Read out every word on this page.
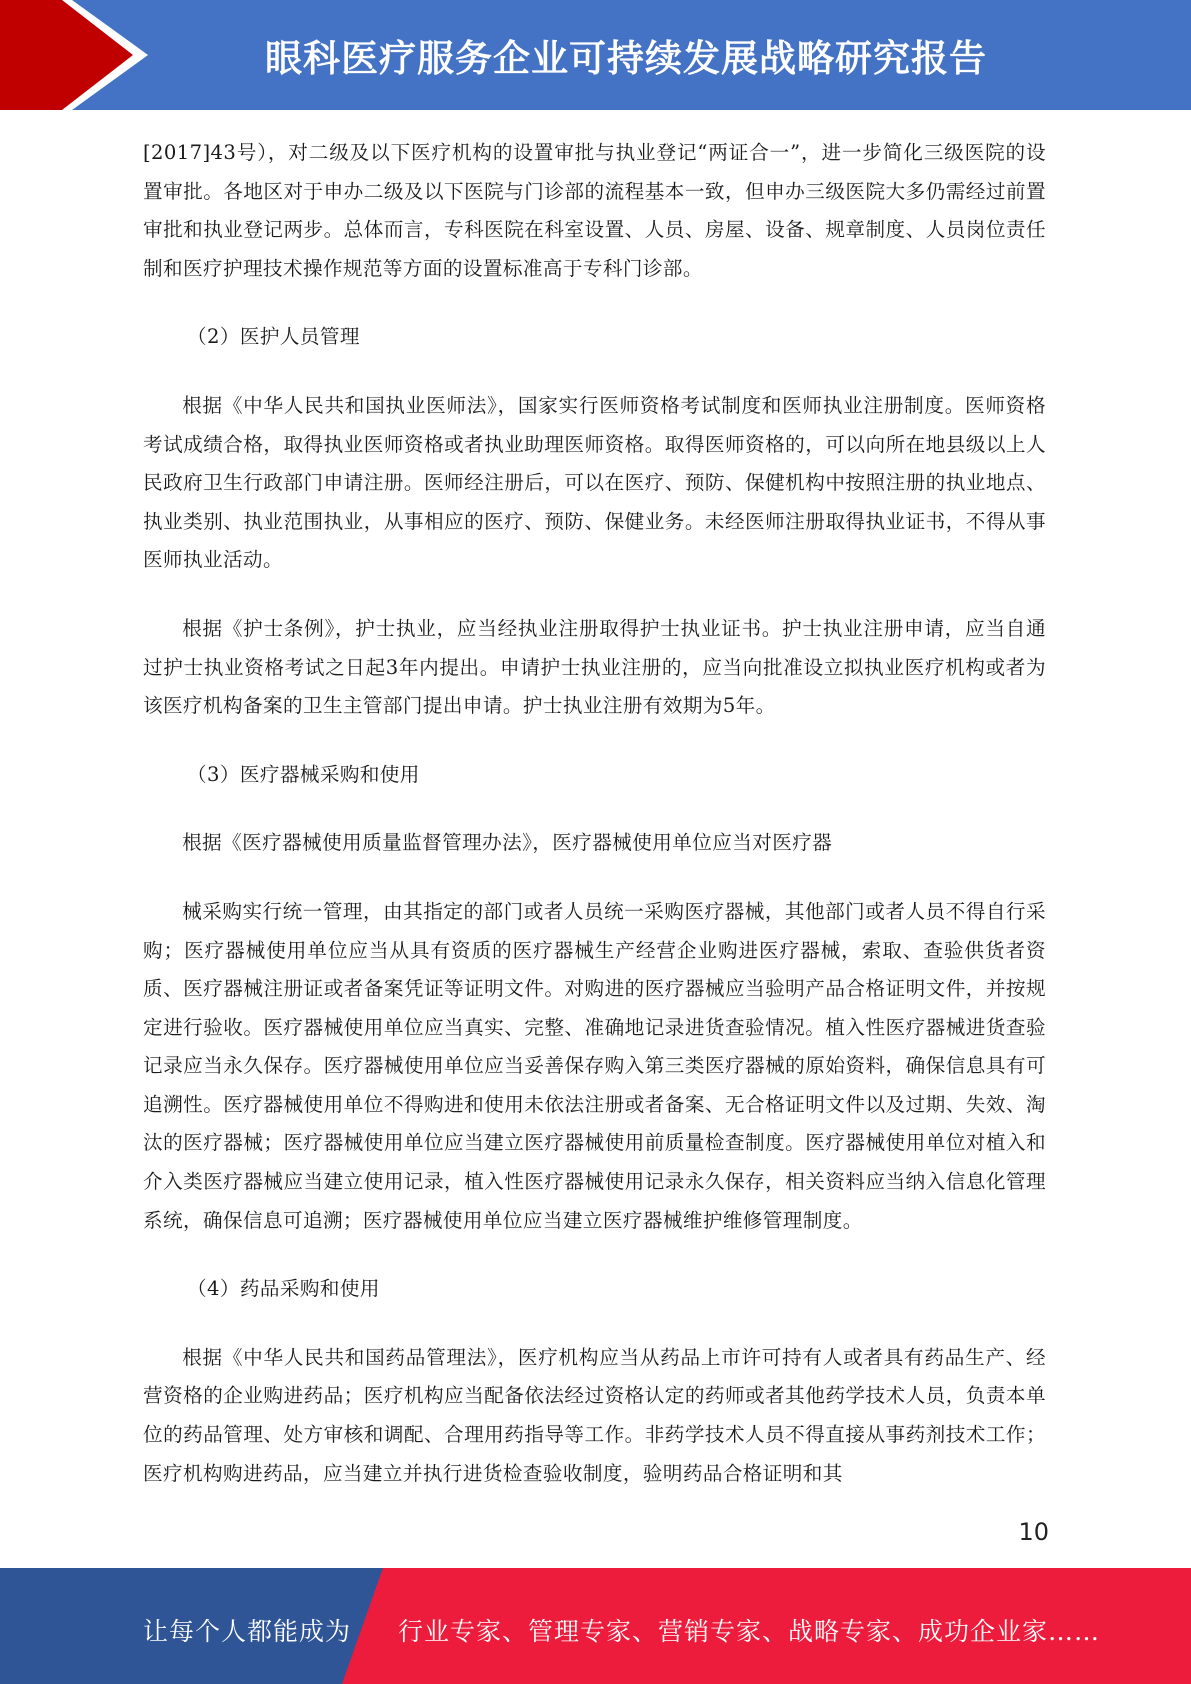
眼科医疗服务企业可持续发展战略研究报告

[2017]43号），对二级及以下医疗机构的设置审批与执业登记“两证合一”，进一步简化三级医院的设置审批。各地区对于申办二级及以下医院与门诊部的流程基本一致，但申办三级医院大多仍需经过前置审批和执业登记两步。总体而言，专科医院在科室设置、人员、房屋、设备、规章制度、人员岗位责任制和医疗护理技术操作规范等方面的设置标准高于专科门诊部。

（2）医护人员管理

根据《中华人民共和国执业医师法》，国家实行医师资格考试制度和医师执业注册制度。医师资格考试成绩合格，取得执业医师资格或者执业助理医师资格。取得医师资格的，可以向所在地县级以上人民政府卫生行政部门申请注册。医师经注册后，可以在医疗、预防、保健机构中按照注册的执业地点、执业类别、执业范围执业，从事相应的医疗、预防、保健业务。未经医师注册取得执业证书，不得从事医师执业活动。

根据《护士条例》，护士执业，应当经执业注册取得护士执业证书。护士执业注册申请，应当自通过护士执业资格考试之日起3年内提出。申请护士执业注册的，应当向批准设立拟执业医疗机构或者为该医疗机构备案的卫生主管部门提出申请。护士执业注册有效期为5年。

（3）医疗器械采购和使用

根据《医疗器械使用质量监督管理办法》，医疗器械使用单位应当对医疗器

械采购实行统一管理，由其指定的部门或者人员统一采购医疗器械，其他部门或者人员不得自行采购；医疗器械使用单位应当从具有资质的医疗器械生产经营企业购进医疗器械，索取、查验供货者资质、医疗器械注册证或者备案凭证等证明文件。对购进的医疗器械应当验明产品合格证明文件，并按规定进行验收。医疗器械使用单位应当真实、完整、准确地记录进货查验情况。植入性医疗器械进货查验记录应当永久保存。医疗器械使用单位应当妥善保存购入第三类医疗器械的原始资料，确保信息具有可追溯性。医疗器械使用单位不得购进和使用未依法注册或者备案、无合格证明文件以及过期、失效、淘汰的医疗器械；医疗器械使用单位应当建立医疗器械使用前质量检查制度。医疗器械使用单位对植入和介入类医疗器械应当建立使用记录，植入性医疗器械使用记录永久保存，相关资料应当纳入信息化管理系统，确保信息可追溯；医疗器械使用单位应当建立医疗器械维护维修管理制度。

（4）药品采购和使用

根据《中华人民共和国药品管理法》，医疗机构应当从药品上市许可持有人或者具有药品生产、经营资格的企业购进药品；医疗机构应当配备依法经过资格认定的药师或者其他药学技术人员，负责本单位的药品管理、处方审核和调配、合理用药指导等工作。非药学技术人员不得直接从事药剂技术工作；医疗机构购进药品，应当建立并执行进货检查验收制度，验明药品合格证明和其

10
让每个人都能成为 行业专家、管理专家、营销专家、战略专家、成功企业家……
